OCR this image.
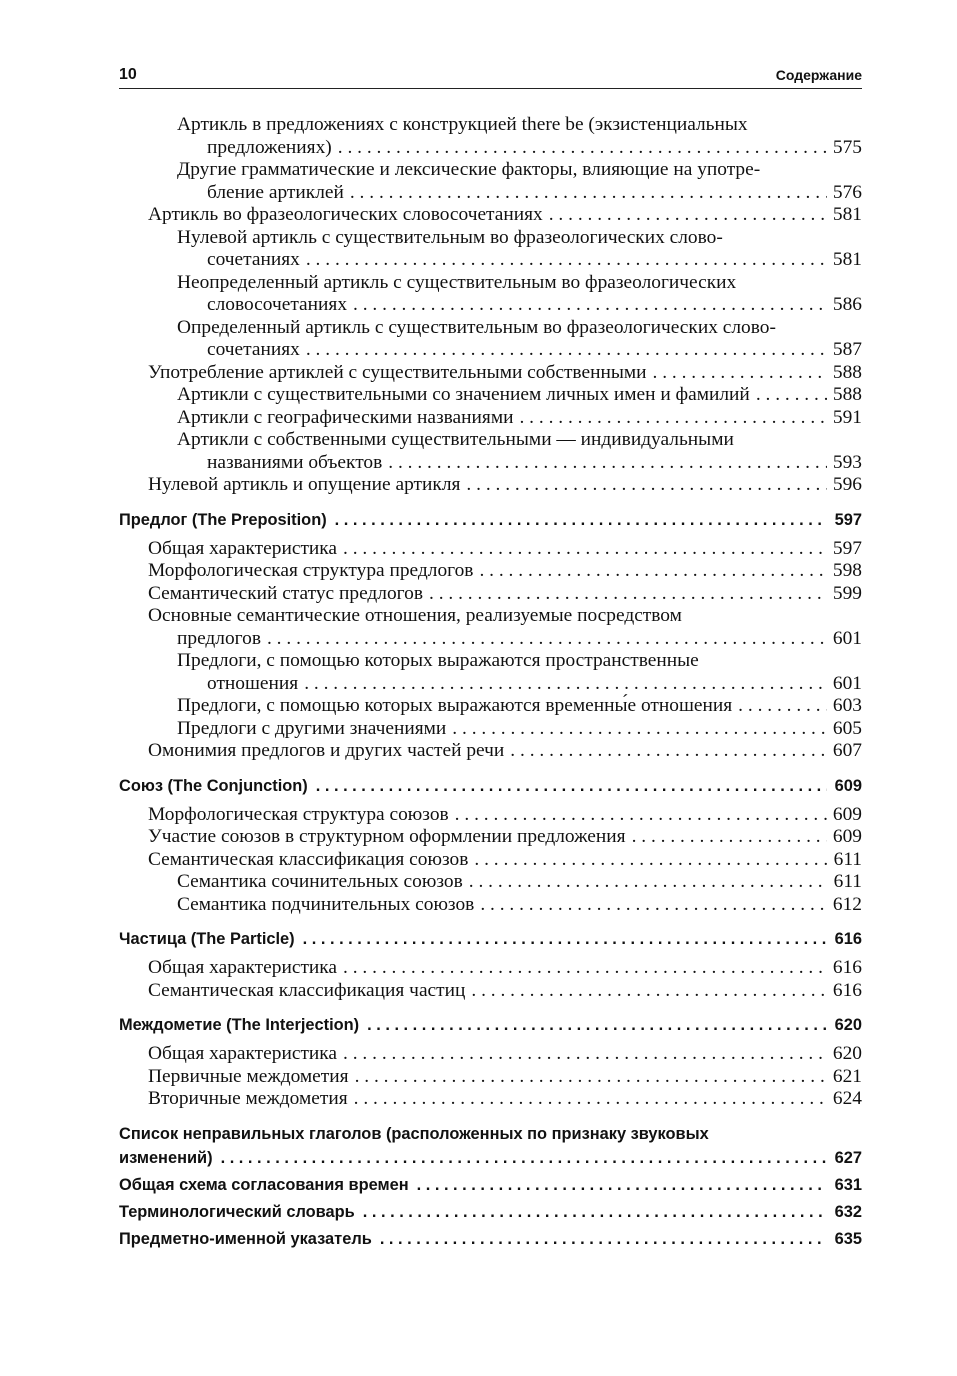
10	Содержание
Артикль в предложениях с конструкцией there be (экзистенциальных
предложениях) . . .	575
Другие грамматические и лексические факторы, влияющие на употре-
бление артиклей . . .	576
Артикль во фразеологических словосочетаниях . . .	581
Нулевой артикль с существительным во фразеологических слово-
сочетаниях . . .	581
Неопределенный артикль с существительным во фразеологических
словосочетаниях . . .	586
Определенный артикль с существительным во фразеологических слово-
сочетаниях . . .	587
Употребление артиклей с существительными собственными . . .	588
Артикли с существительными со значением личных имен и фамилий . . .	588
Артикли с географическими названиями . . .	591
Артикли с собственными существительными — индивидуальными
названиями объектов . . .	593
Нулевой артикль и опущение артикля . . .	596
Предлог (The Preposition) . . .	597
Общая характеристика . . .	597
Морфологическая структура предлогов . . .	598
Семантический статус предлогов . . .	599
Основные семантические отношения, реализуемые посредством
предлогов . . .	601
Предлоги, с помощью которых выражаются пространственные
отношения . . .	601
Предлоги, с помощью которых выражаются временны́е отношения . . .	603
Предлоги с другими значениями . . .	605
Омонимия предлогов и других частей речи . . .	607
Союз (The Conjunction) . . .	609
Морфологическая структура союзов . . .	609
Участие союзов в структурном оформлении предложения . . .	609
Семантическая классификация союзов . . .	611
Семантика сочинительных союзов . . .	611
Семантика подчинительных союзов . . .	612
Частица (The Particle) . . .	616
Общая характеристика . . .	616
Семантическая классификация частиц . . .	616
Междометие (The Interjection) . . .	620
Общая характеристика . . .	620
Первичные междометия . . .	621
Вторичные междометия . . .	624
Список неправильных глаголов (расположенных по признаку звуковых
изменений) . . .	627
Общая схема согласования времен . . .	631
Терминологический словарь . . .	632
Предметно-именной указатель . . .	635
